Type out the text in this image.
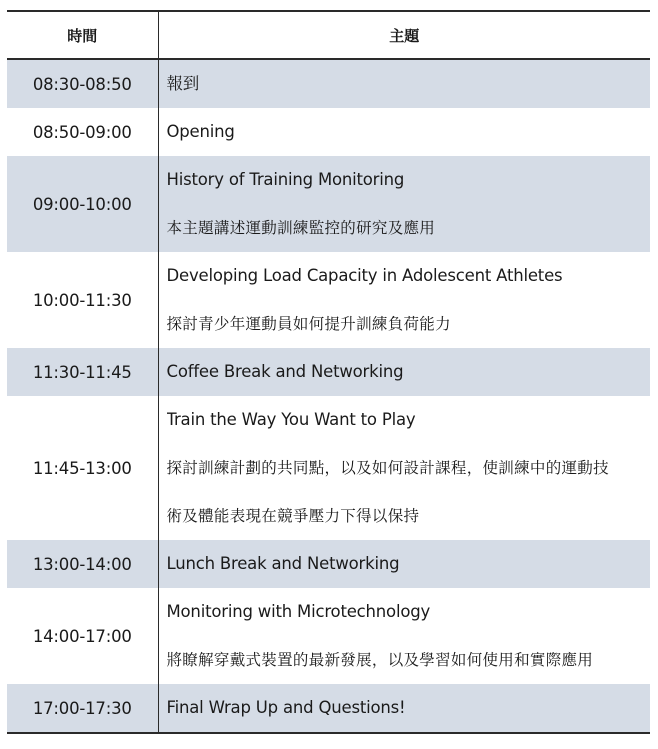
時間	主題
08:30-08:50	報到

08:50-09:00	Opening

09:00-10:00	History of Training Monitoring
本主題講述運動訓練監控的研究及應用

10:00-11:30	Developing Load Capacity in Adolescent Athletes
探討青少年運動員如何提升訓練負荷能力

11:30-11:45	Coffee Break and Networking

11:45-13:00	Train the Way You Want to Play
探討訓練計劃的共同點，以及如何設計課程，使訓練中的運動技
術及體能表現在競爭壓力下得以保持

13:00-14:00	Lunch Break and Networking

14:00-17:00	Monitoring with Microtechnology
將瞭解穿戴式裝置的最新發展，以及學習如何使用和實際應用

17:00-17:30	Final Wrap Up and Questions!
